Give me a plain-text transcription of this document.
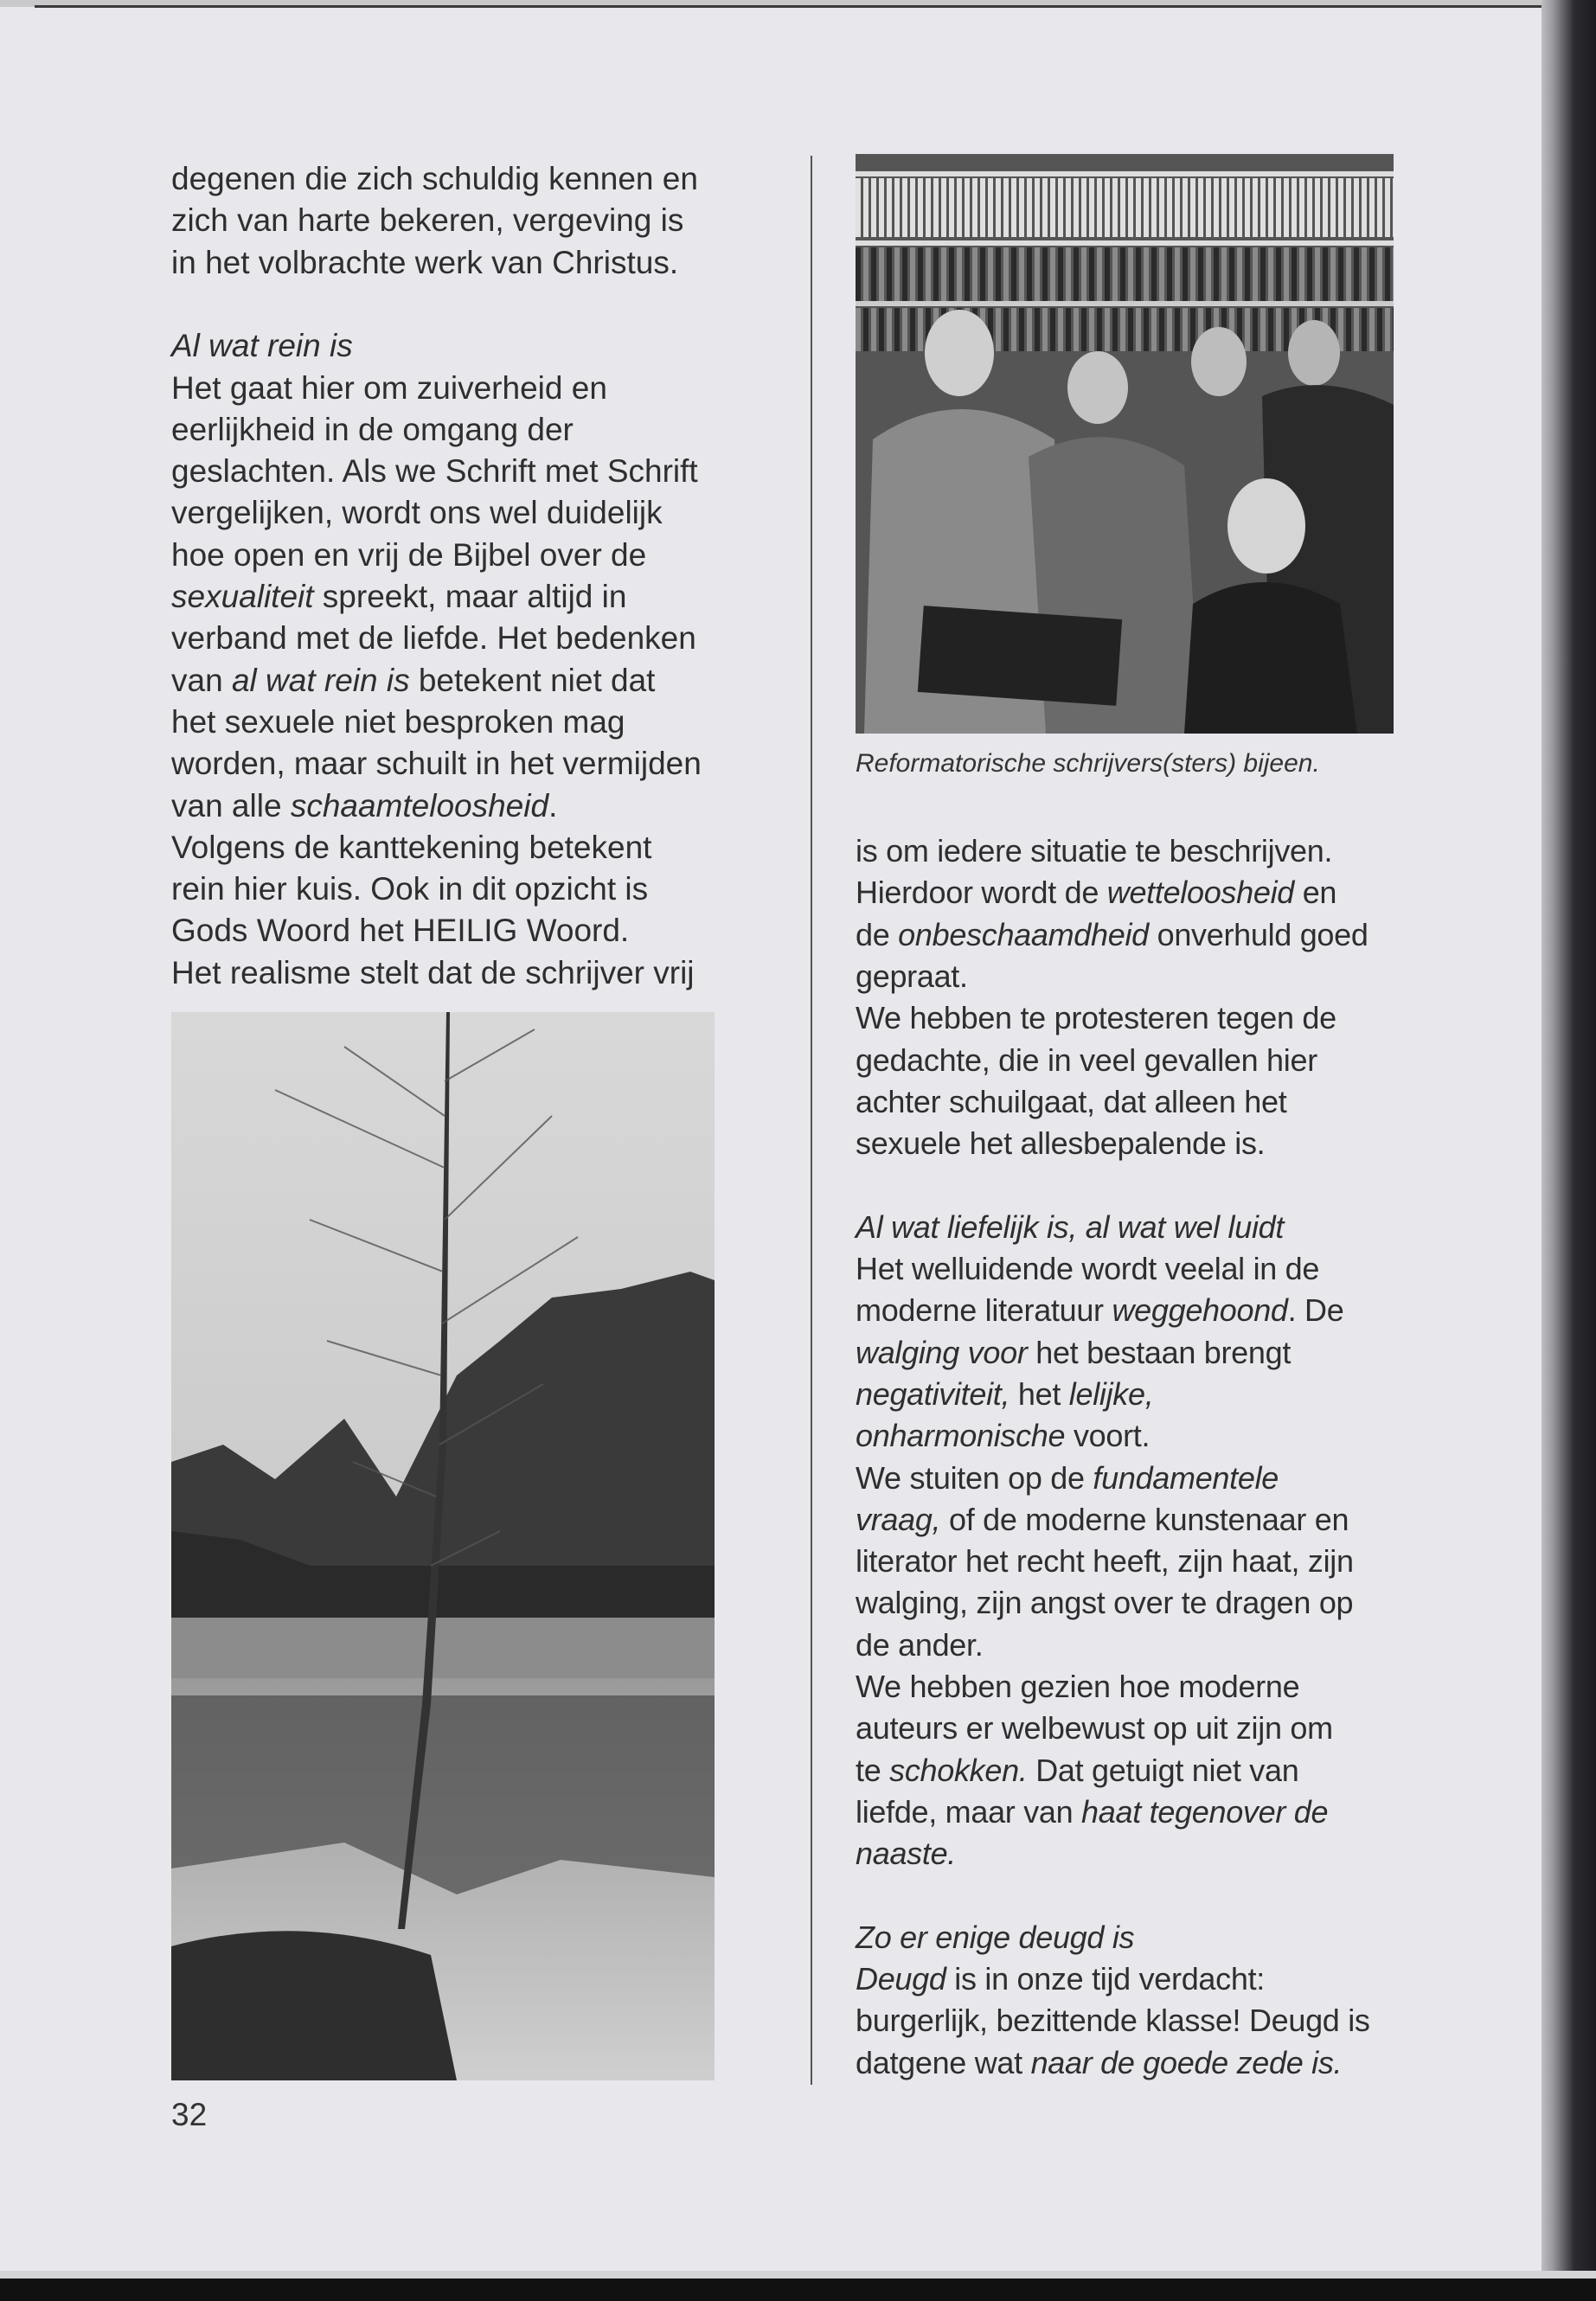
degenen die zich schuldig kennen en
zich van harte bekeren, vergeving is
in het volbrachte werk van Christus.
Al wat rein is
Het gaat hier om zuiverheid en
eerlijkheid in de omgang der
geslachten. Als we Schrift met Schrift
vergelijken, wordt ons wel duidelijk
hoe open en vrij de Bijbel over de
sexualiteit spreekt, maar altijd in
verband met de liefde. Het bedenken
van al wat rein is betekent niet dat
het sexuele niet besproken mag
worden, maar schuilt in het vermijden
van alle schaamteloosheid.
Volgens de kanttekening betekent
rein hier kuis. Ook in dit opzicht is
Gods Woord het HEILIG Woord.
Het realisme stelt dat de schrijver vrij
32
Reformatorische schrijvers(sters) bijeen.
is om iedere situatie te beschrijven.
Hierdoor wordt de wetteloosheid en
de onbeschaamdheid onverhuld goed
gepraat.
We hebben te protesteren tegen de
gedachte, die in veel gevallen hier
achter schuilgaat, dat alleen het
sexuele het allesbepalende is.
Al wat liefelijk is, al wat wel luidt
Het welluidende wordt veelal in de
moderne literatuur weggehoond. De
walging voor het bestaan brengt
negativiteit, het lelijke,
onharmonische voort.
We stuiten op de fundamentele
vraag, of de moderne kunstenaar en
literator het recht heeft, zijn haat, zijn
walging, zijn angst over te dragen op
de ander.
We hebben gezien hoe moderne
auteurs er welbewust op uit zijn om
te schokken. Dat getuigt niet van
liefde, maar van haat tegenover de
naaste.
Zo er enige deugd is
Deugd is in onze tijd verdacht:
burgerlijk, bezittende klasse! Deugd is
datgene wat naar de goede zede is.
